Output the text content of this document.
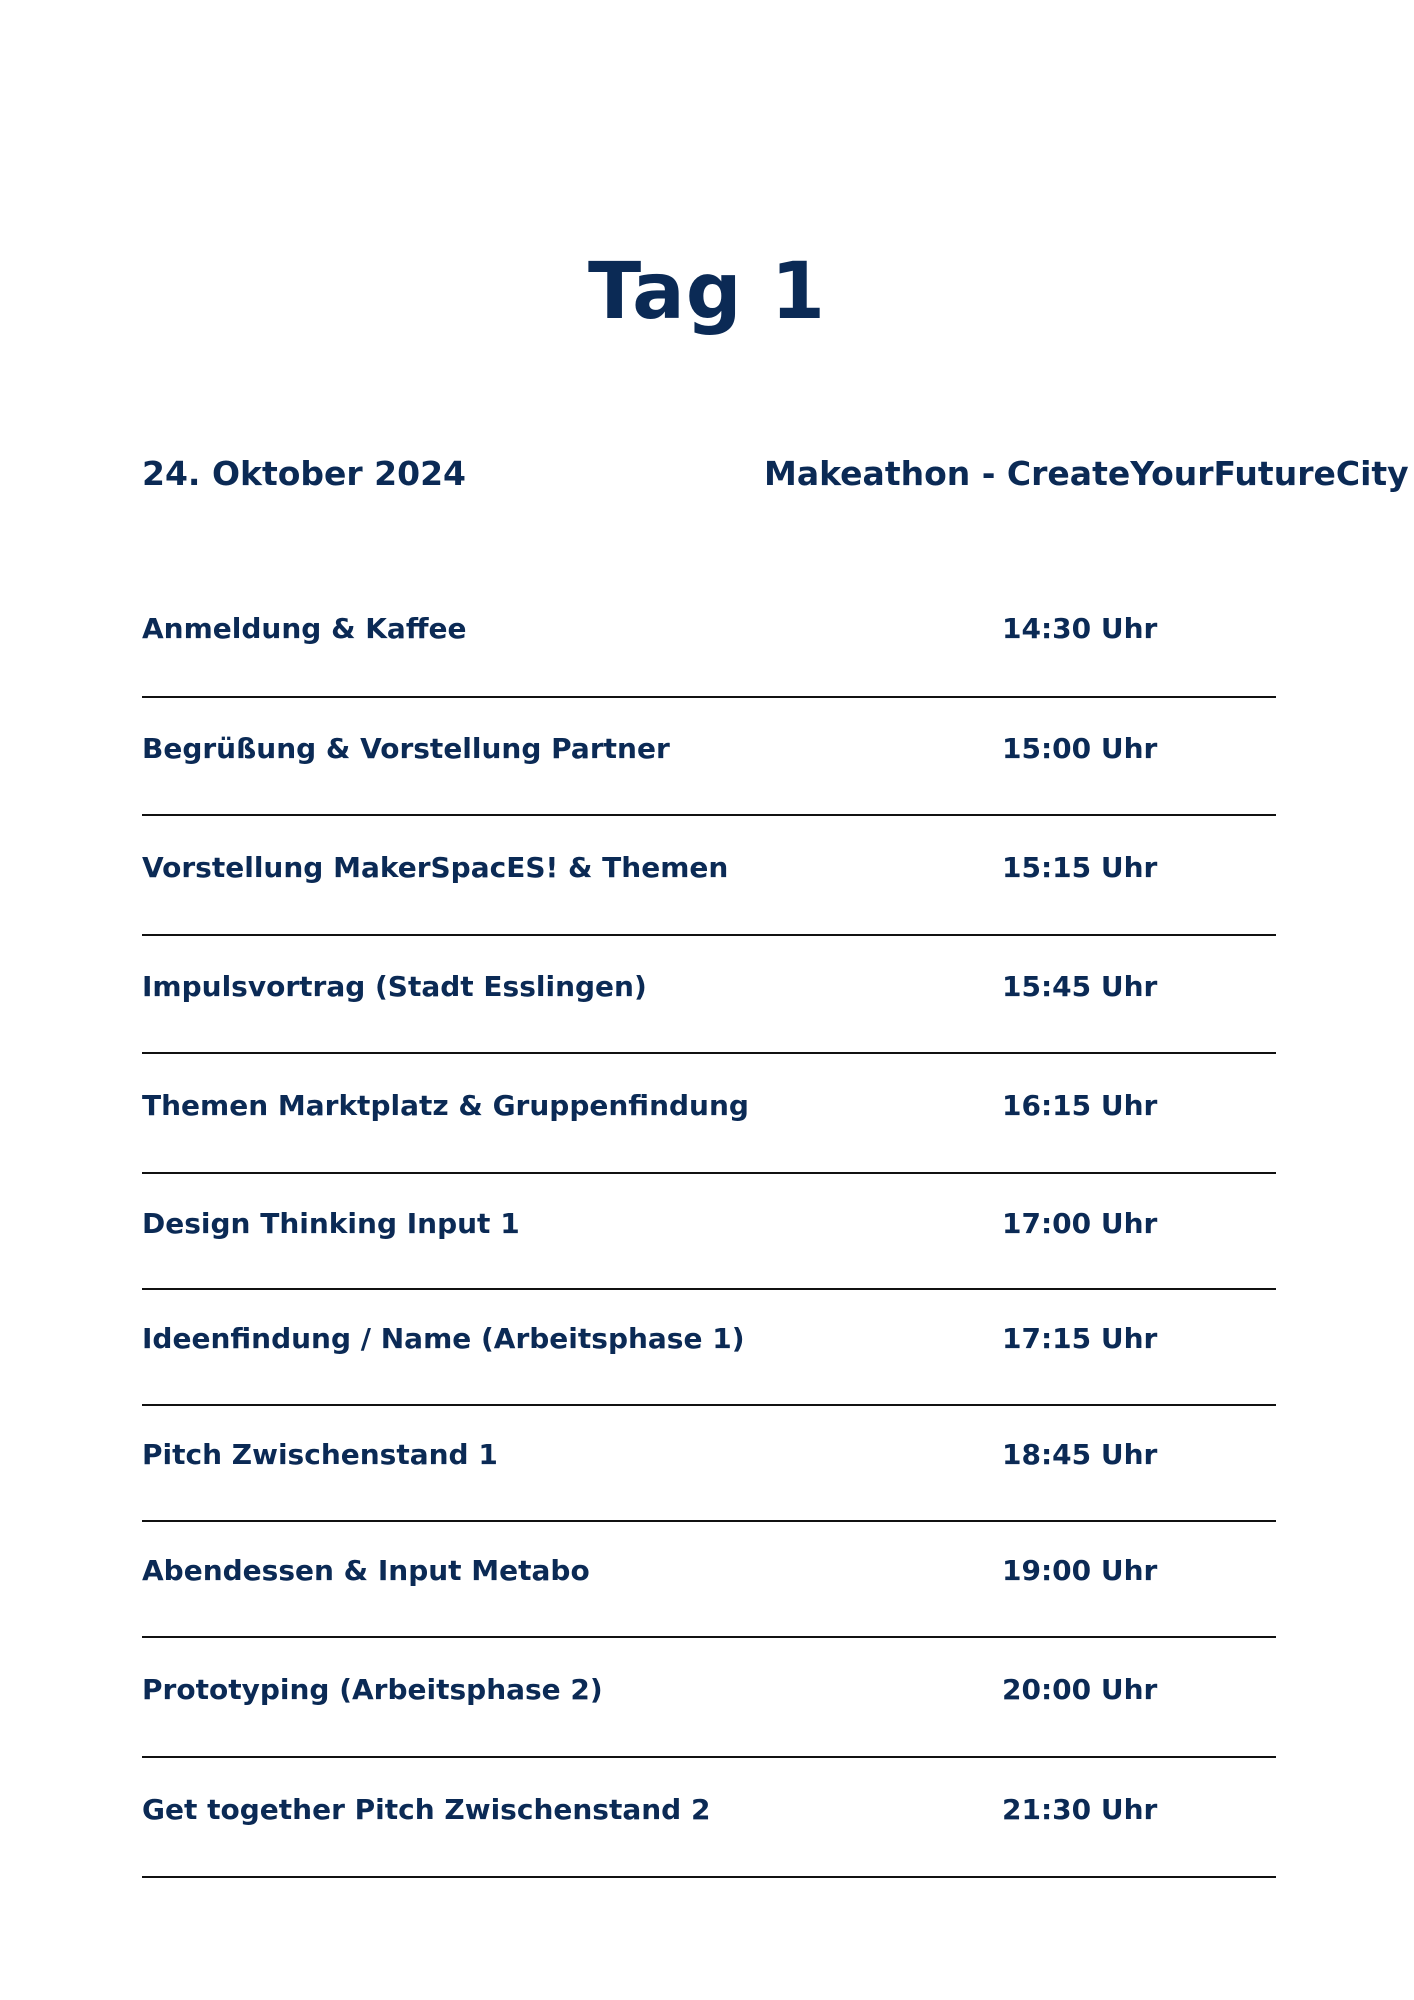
Tag 1
24. Oktober 2024	Makeathon - CreateYourFutureCity
Anmeldung & Kaffee	14:30 Uhr
Begrüßung & Vorstellung Partner	15:00 Uhr
Vorstellung MakerSpacES! & Themen	15:15 Uhr
Impulsvortrag (Stadt Esslingen)	15:45 Uhr
Themen Marktplatz & Gruppenfindung	16:15 Uhr
Design Thinking Input 1	17:00 Uhr
Ideenfindung / Name (Arbeitsphase 1)	17:15 Uhr
Pitch Zwischenstand 1	18:45 Uhr
Abendessen & Input Metabo	19:00 Uhr
Prototyping (Arbeitsphase 2)	20:00 Uhr
Get together Pitch Zwischenstand 2	21:30 Uhr
